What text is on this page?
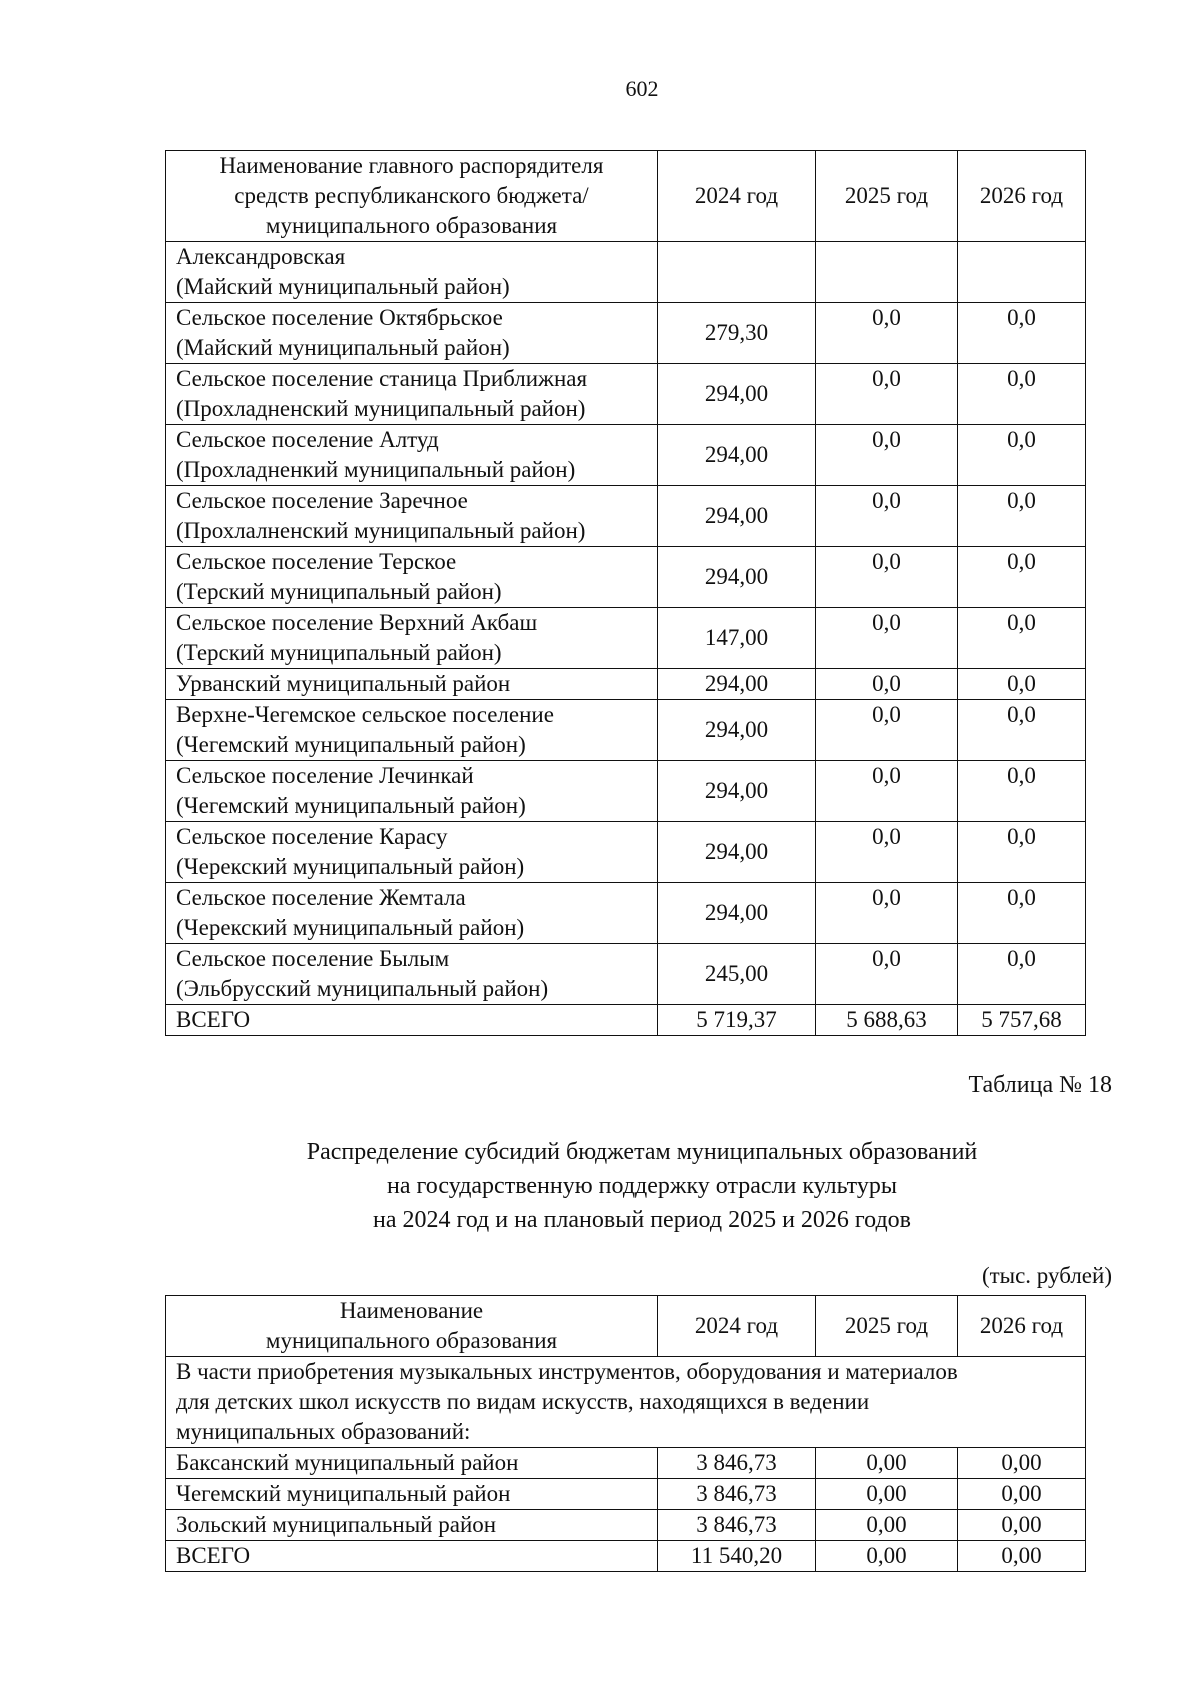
602
Наименование главного распорядителя
средств республиканского бюджета/
муниципального образования	2024 год	2025 год	2026 год

Александровская
(Майский муниципальный район)			

Сельское поселение Октябрьское
(Майский муниципальный район)	279,30	0,0	0,0

Сельское поселение станица Приближная
(Прохладненский муниципальный район)	294,00	0,0	0,0

Сельское поселение Алтуд
(Прохладненкий муниципальный район)	294,00	0,0	0,0

Сельское поселение Заречное
(Прохлалненский муниципальный район)	294,00	0,0	0,0

Сельское поселение Терское
(Терский муниципальный район)	294,00	0,0	0,0

Сельское поселение Верхний Акбаш
(Терский муниципальный район)	147,00	0,0	0,0
Урванский муниципальный район	294,00	0,0	0,0

Верхне-Чегемское сельское поселение
(Чегемский муниципальный район)	294,00	0,0	0,0

Сельское поселение Лечинкай
(Чегемский муниципальный район)	294,00	0,0	0,0

Сельское поселение Карасу
(Черекский муниципальный район)	294,00	0,0	0,0

Сельское поселение Жемтала
(Черекский муниципальный район)	294,00	0,0	0,0

Сельское поселение Былым
(Эльбрусский муниципальный район)	245,00	0,0	0,0
ВСЕГО	5 719,37	5 688,63	5 757,68
Таблица № 18
Распределение субсидий бюджетам муниципальных образований
на государственную поддержку отрасли культуры
на 2024 год и на плановый период 2025 и 2026 годов
(тыс. рублей)
Наименование
муниципального образования	2024 год	2025 год	2026 год

В части приобретения музыкальных инструментов, оборудования и материалов
для детских школ искусств по видам искусств, находящихся в ведении
муниципальных образований:			

Баксанский муниципальный район	3 846,73	0,00	0,00
Чегемский муниципальный район	3 846,73	0,00	0,00
Зольский муниципальный район	3 846,73	0,00	0,00
ВСЕГО	11 540,20	0,00	0,00
